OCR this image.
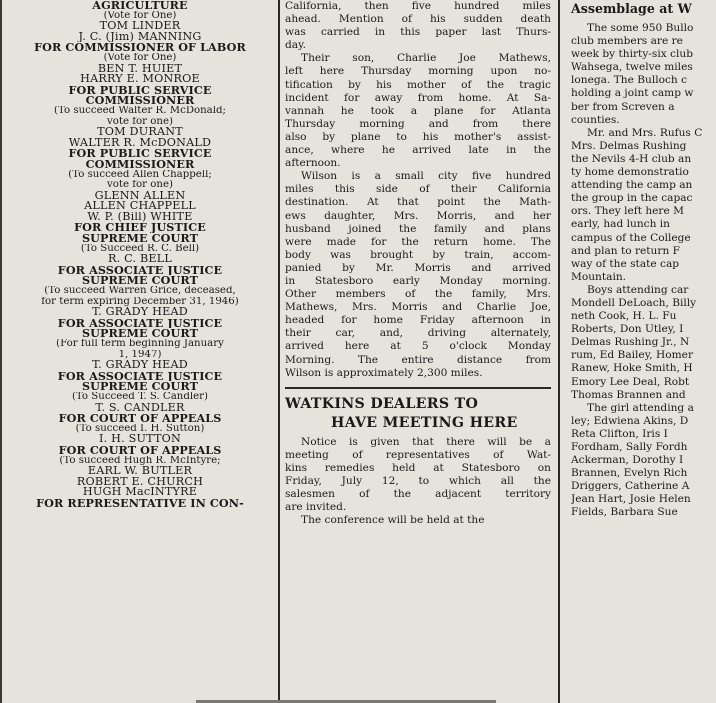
AGRICULTURE
(Vote for One)
TOM LINDER
J. C. (Jim) MANNING
FOR COMMISSIONER OF LABOR
(Vote for One)
BEN T. HUIET
HARRY E. MONROE
FOR PUBLIC SERVICE
COMMISSIONER
(To succeed Walter R. McDonald;
vote for one)
TOM DURANT
WALTER R. McDONALD
FOR PUBLIC SERVICE
COMMISSIONER
(To succeed Allen Chappell;
vote for one)
GLENN ALLEN
ALLEN CHAPPELL
W. P. (Bill) WHITE
FOR CHIEF JUSTICE
SUPREME COURT
(To Succeed R. C. Bell)
R. C. BELL
FOR ASSOCIATE JUSTICE
SUPREME COURT
(To succeed Warren Grice, deceased,
for term expiring December 31, 1946)
T. GRADY HEAD
FOR ASSOCIATE JUSTICE
SUPREME COURT
(For full term beginning January
1, 1947)
T. GRADY HEAD
FOR ASSOCIATE JUSTICE
SUPREME COURT
(To Succeed T. S. Candler)
T. S. CANDLER
FOR COURT OF APPEALS
(To succeed I. H. Sutton)
I. H. SUTTON
FOR COURT OF APPEALS
(To succeed Hugh R. McIntyre;
EARL W. BUTLER
ROBERT E. CHURCH
HUGH MacINTYRE
FOR REPRESENTATIVE IN CON-

California, then five hundred miles
ahead. Mention of his sudden death
was carried in this paper last Thurs-
day.

Their son, Charlie Joe Mathews,
left here Thursday morning upon no-
tification by his mother of the tragic
incident for away from home. At Sa-
vannah he took a plane for Atlanta
Thursday morning and from there
also by plane to his mother's assist-
ance, where he arrived late in the
afternoon.

Wilson is a small city five hundred
miles this side of their California
destination. At that point the Math-
ews daughter, Mrs. Morris, and her
husband joined the family and plans
were made for the return home. The
body was brought by train, accom-
panied by Mr. Morris and arrived
in Statesboro early Monday morning.
Other members of the family, Mrs.
Mathews, Mrs. Morris and Charlie Joe,
headed for home Friday afternoon in
their car, and, driving alternately,
arrived here at 5 o'clock Monday
Morning. The entire distance from
Wilson is approximately 2,300 miles.

WATKINS DEALERS TO
HAVE MEETING HERE

Notice is given that there will be a
meeting of representatives of Wat-
kins remedies held at Statesboro on
Friday, July 12, to which all the
salesmen of the adjacent territory
are invited.

The conference will be held at the

Assemblage at W

The some 950 Bullo
club members are re
week by thirty-six club
Wahsega, twelve miles
lonega. The Bulloch c
holding a joint camp w
ber from Screven a
counties.

Mr. and Mrs. Rufus C
Mrs. Delmas Rushing
the Nevils 4-H club an
ty home demonstratio
attending the camp an
the group in the capac
ors. They left here M
early, had lunch in
campus of the College
and plan to return F
way of the state cap
Mountain.

Boys attending car
Mondell DeLoach, Billy
neth Cook, H. L. Fu
Roberts, Don Utley, I
Delmas Rushing Jr., N
rum, Ed Bailey, Homer
Ranew, Hoke Smith, H
Emory Lee Deal, Robt
Thomas Brannen and

The girl attending a
ley; Edwiena Akins, D
Reta Clifton, Iris I
Fordham, Sally Fordh
Ackerman, Dorothy I
Brannen, Evelyn Rich
Driggers, Catherine A
Jean Hart, Josie Helen
Fields, Barbara Sue
